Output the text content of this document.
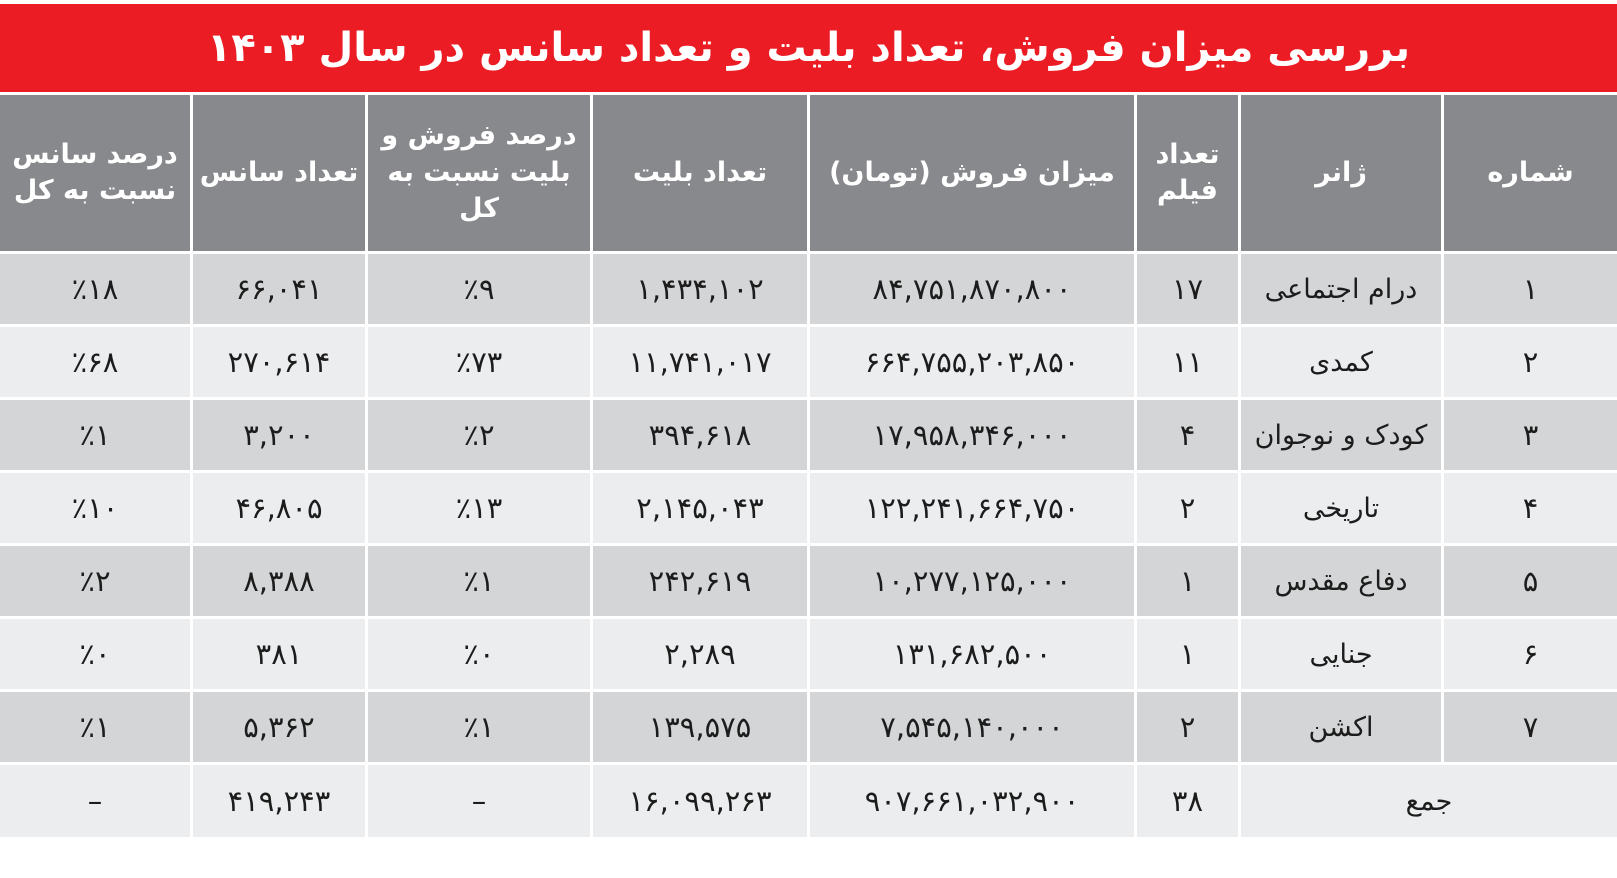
بررسی میزان فروش، تعداد بلیت و تعداد سانس در سال ۱۴۰۳
شماره	ژانر	تعداد فیلم	میزان فروش (تومان)	تعداد بلیت	درصد فروش و بلیت نسبت به کل	تعداد سانس	درصد سانس نسبت به کل
۱	درام اجتماعی	۱۷	۸۴,۷۵۱,۸۷۰,۸۰۰	۱,۴۳۴,۱۰۲	٪۹	۶۶,۰۴۱	٪۱۸
۲	کمدی	۱۱	۶۶۴,۷۵۵,۲۰۳,۸۵۰	۱۱,۷۴۱,۰۱۷	٪۷۳	۲۷۰,۶۱۴	٪۶۸
۳	کودک و نوجوان	۴	۱۷,۹۵۸,۳۴۶,۰۰۰	۳۹۴,۶۱۸	٪۲	۳,۲۰۰	٪۱
۴	تاریخی	۲	۱۲۲,۲۴۱,۶۶۴,۷۵۰	۲,۱۴۵,۰۴۳	٪۱۳	۴۶,۸۰۵	٪۱۰
۵	دفاع مقدس	۱	۱۰,۲۷۷,۱۲۵,۰۰۰	۲۴۲,۶۱۹	٪۱	۸,۳۸۸	٪۲
۶	جنایی	۱	۱۳۱,۶۸۲,۵۰۰	۲,۲۸۹	٪۰	۳۸۱	٪۰
۷	اکشن	۲	۷,۵۴۵,۱۴۰,۰۰۰	۱۳۹,۵۷۵	٪۱	۵,۳۶۲	٪۱
جمع		۳۸	۹۰۷,۶۶۱,۰۳۲,۹۰۰	۱۶,۰۹۹,۲۶۳	–	۴۱۹,۲۴۳	–
